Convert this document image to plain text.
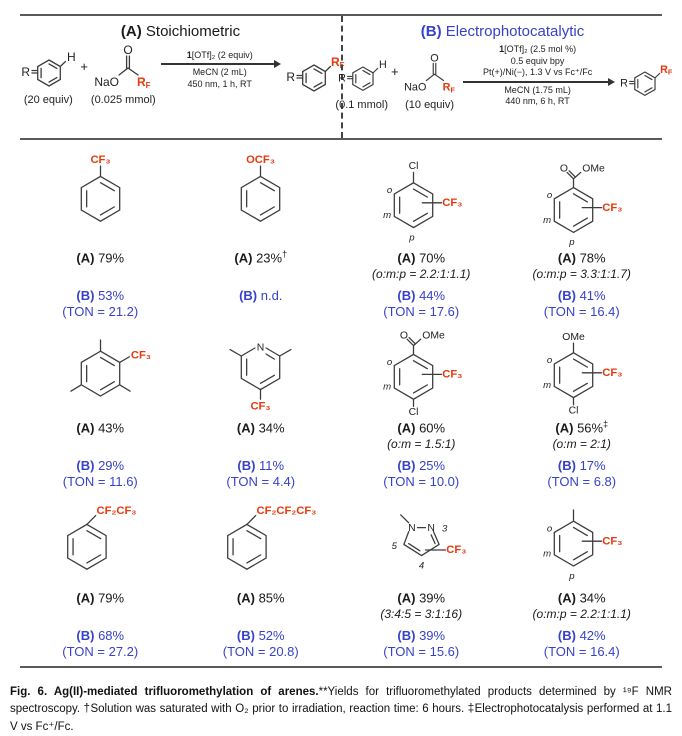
(A) Stoichiometric
R
H
(20 equiv)
+
O
NaO RF
(0.025 mmol)
1[OTf]₂ (2 equiv)
MeCN (2 mL)
450 nm, 1 h, RT	R
RF
(B) Electrophotocatalytic
R
H
(0.1 mmol)
+
O
NaO RF
(10 equiv)
1[OTf]₂ (2.5 mol %)
0.5 equiv bpy
Pt(+)/Ni(−), 1.3 V vs Fc⁺/Fc
MeCN (1.75 mL)
440 nm, 6 h, RT
R
RF
CF₃
(A) 79%
(B) 53%
(TON = 21.2)
OCF₃
(A) 23%†
(B) n.d.
Cl
CF₃
o
m
p
(A) 70%
(o:m:p = 2.2:1:1.1)
(B) 44%
(TON = 17.6)
O OMe
CF₃
o
m
p
(A) 78%
(o:m:p = 3.3:1:1.7)
(B) 41%
(TON = 16.4)
CF₃
(A) 43%
(B) 29%
(TON = 11.6)
N
CF₃
(A) 34%
(B) 11%
(TON = 4.4)
O OMe
CF₃
Cl
o
m
(A) 60%
(o:m = 1.5:1)
(B) 25%
(TON = 10.0)
OMe
CF₃
Cl
o
m
(A) 56%‡
(o:m = 2:1)
(B) 17%
(TON = 6.8)
CF₂CF₃
(A) 79%
(B) 68%
(TON = 27.2)
CF₂CF₂CF₃
(A) 85%
(B) 52%
(TON = 20.8)
N N
CF₃
3
4
5
(A) 39%
(3:4:5 = 3:1:16)
(B) 39%
(TON = 15.6)
CF₃
o
m
p
(A) 34%
(o:m:p = 2.2:1:1.1)
(B) 42%
(TON = 16.4)
Fig. 6. Ag(II)-mediated trifluoromethylation of arenes.**Yields for trifluoromethylated products determined by ¹⁹F NMR spectroscopy. †Solution was saturated with O₂ prior to irradiation, reaction time: 6 hours. ‡Electrophotocatalysis performed at 1.1 V vs Fc⁺/Fc.
